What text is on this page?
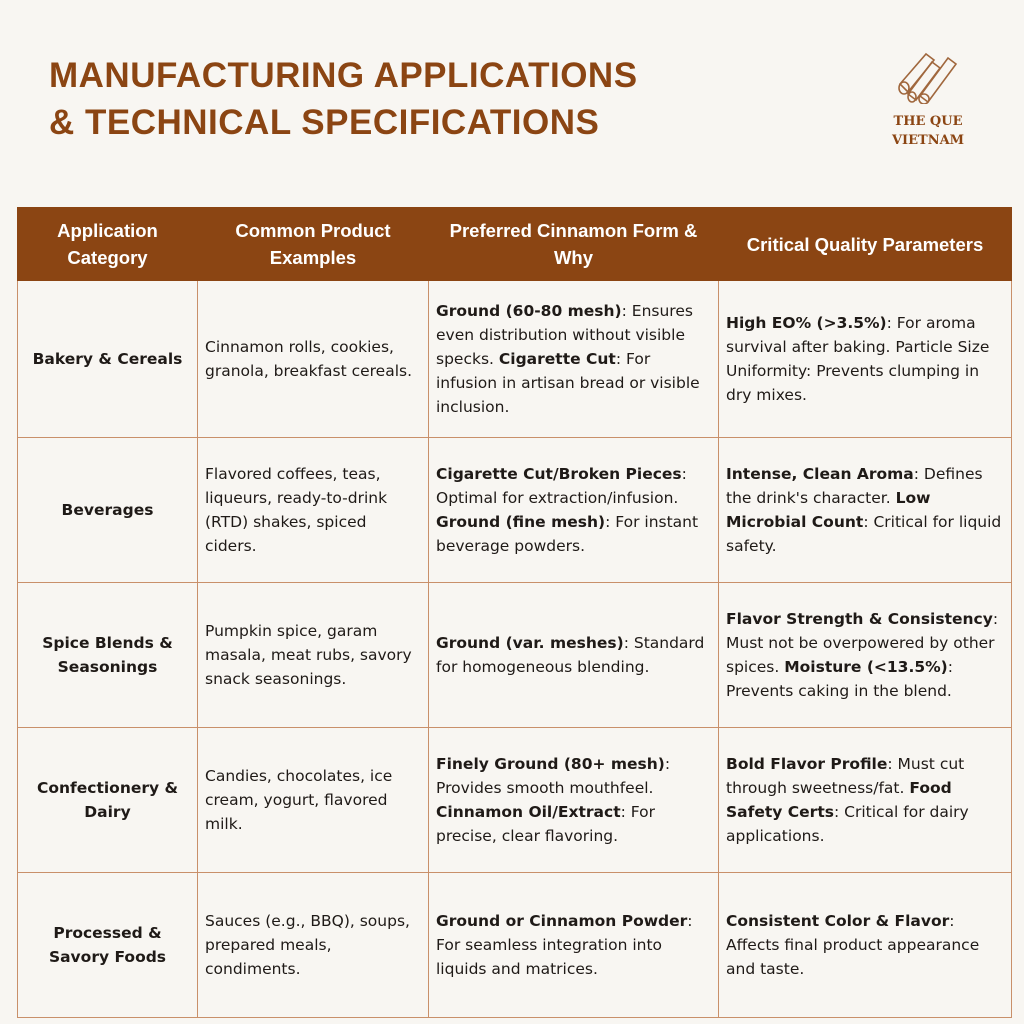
MANUFACTURING APPLICATIONS
& TECHNICAL SPECIFICATIONS	THE QUE
VIETNAM
Application Category	Common Product Examples	Preferred Cinnamon Form & Why	Critical Quality Parameters
Bakery & Cereals	Cinnamon rolls, cookies, granola, breakfast cereals.	Ground (60-80 mesh): Ensures even distribution without visible specks. Cigarette Cut: For infusion in artisan bread or visible inclusion.	High EO% (>3.5%): For aroma survival after baking. Particle Size Uniformity: Prevents clumping in dry mixes.
Beverages	Flavored coffees, teas, liqueurs, ready-to-drink (RTD) shakes, spiced ciders.	Cigarette Cut/Broken Pieces: Optimal for extraction/infusion. Ground (fine mesh): For instant beverage powders.	Intense, Clean Aroma: Defines the drink's character. Low Microbial Count: Critical for liquid safety.
Spice Blends & Seasonings	Pumpkin spice, garam masala, meat rubs, savory snack seasonings.	Ground (var. meshes): Standard for homogeneous blending.	Flavor Strength & Consistency: Must not be overpowered by other spices. Moisture (<13.5%): Prevents caking in the blend.
Confectionery & Dairy	Candies, chocolates, ice cream, yogurt, flavored milk.	Finely Ground (80+ mesh): Provides smooth mouthfeel. Cinnamon Oil/Extract: For precise, clear flavoring.	Bold Flavor Profile: Must cut through sweetness/fat. Food Safety Certs: Critical for dairy applications.
Processed & Savory Foods	Sauces (e.g., BBQ), soups, prepared meals, condiments.	Ground or Cinnamon Powder: For seamless integration into liquids and matrices.	Consistent Color & Flavor: Affects final product appearance and taste.
